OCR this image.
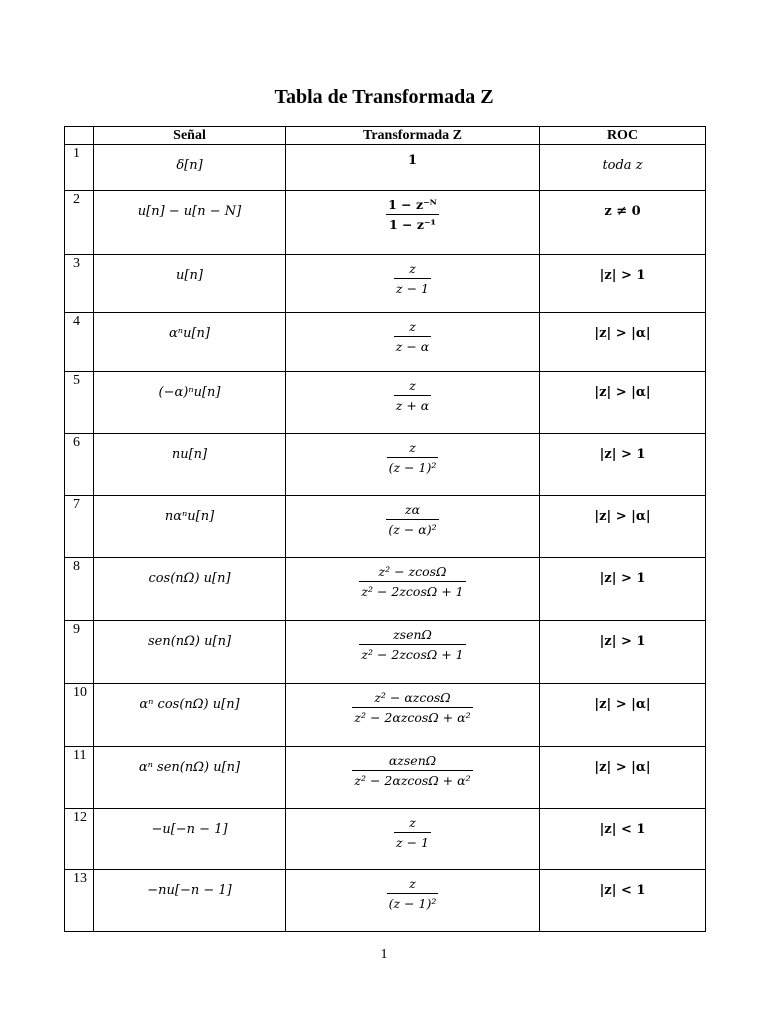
Tabla de Transformada Z
	Señal	Transformada Z	ROC
1	δ[n]	1	toda z
2	u[n] − u[n − N]	$\frac{\text{1 − z⁻ᴺ}}{\text{1 − z⁻¹}}$	z ≠ 0
3	u[n]	$\frac{z}{z - 1}$	|z| > 1
4	αⁿu[n]	$\frac{z}{z - \alpha}$	|z| > |α|
5	(−α)ⁿu[n]	$\frac{z}{z + \alpha}$	|z| > |α|
6	nu[n]	$\frac{z}{\text{(z − 1)²}}$	|z| > 1
7	nαⁿu[n]	$\frac{z\alpha}{\text{(z − α)²}}$	|z| > |α|
8	cos(nΩ) u[n]	$\frac{\text{z² − zcosΩ}}{\text{z² − 2zcosΩ + 1}}$	|z| > 1
9	sen(nΩ) u[n]	$\frac{\text{zsenΩ}}{\text{z² − 2zcosΩ + 1}}$	|z| > 1
10	αⁿ cos(nΩ) u[n]	$\frac{\text{z² − αzcosΩ}}{\text{z² − 2αzcosΩ + α²}}$	|z| > |α|
11	αⁿ sen(nΩ) u[n]	$\frac{\text{αzsenΩ}}{\text{z² − 2αzcosΩ + α²}}$	|z| > |α|
12	−u[−n − 1]	$\frac{z}{z - 1}$	|z| < 1
13	−nu[−n − 1]	$\frac{z}{\text{(z − 1)²}}$	|z| < 1
1
